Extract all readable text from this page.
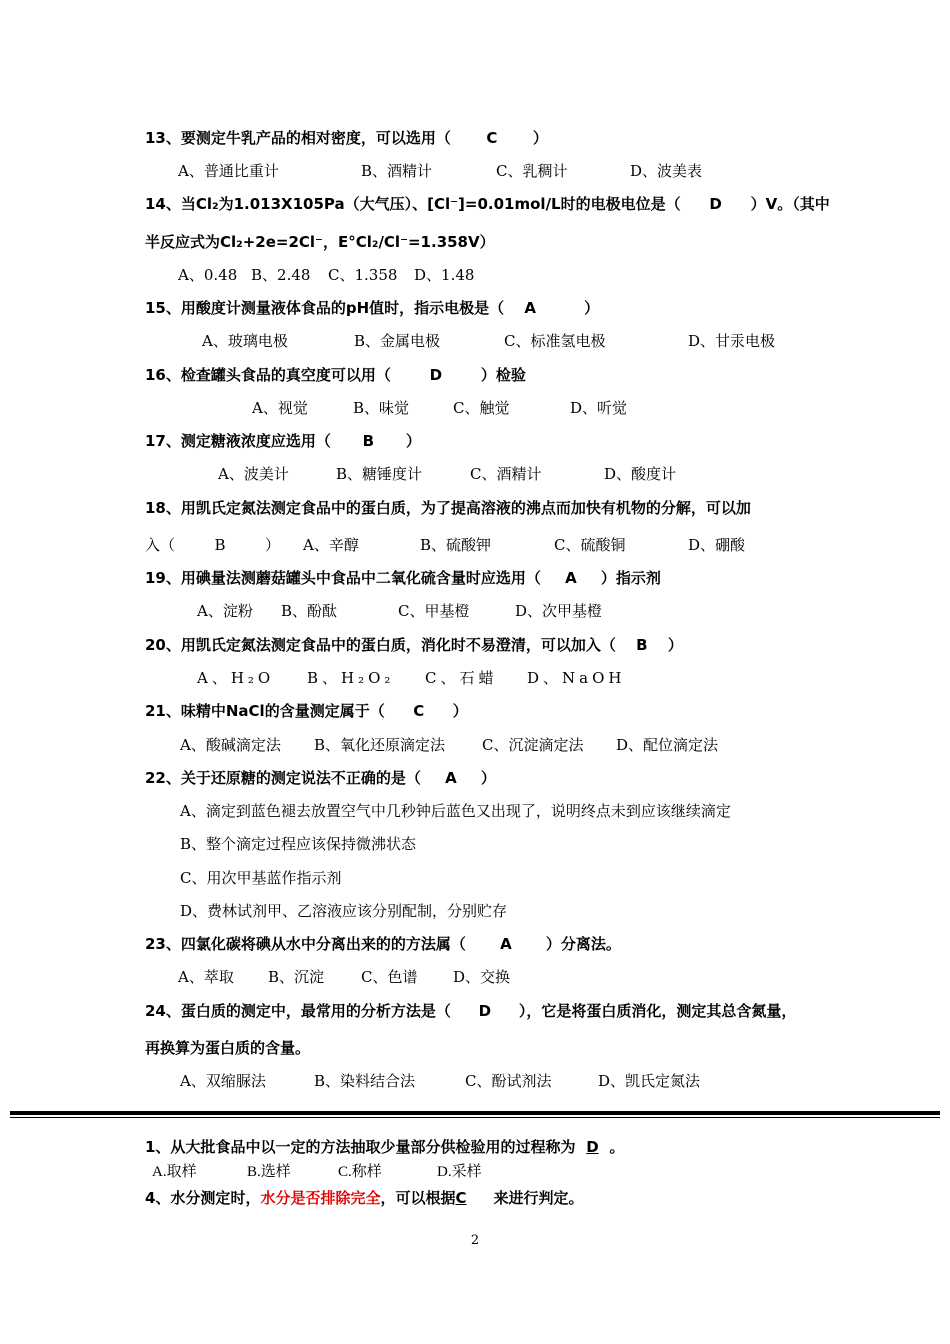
13、要测定牛乳产品的相对密度，可以选用（ C ）
A、普通比重计	B、酒精计	C、乳稠计	D、波美表
14、当Cl₂为1.013X105Pa（大气压）、[Cl⁻]=0.01mol/L时的电极电位是（ D ）V。（其中
半反应式为Cl₂+2e=2Cl⁻，E°Cl₂/Cl⁻=1.358V）
A、0.48 B、2.48 C、1.358 D、1.48
15、用酸度计测量液体食品的pH值时，指示电极是（ A	）
A、玻璃电极	B、金属电极	C、标准氢电极	D、甘汞电极
16、检查罐头食品的真空度可以用（	D	）检验
A、视觉	B、味觉	C、触觉	D、听觉
17、测定糖液浓度应选用（ B ）
A、波美计	B、糖锤度计	C、酒精计	D、酸度计
18、用凯氏定氮法测定食品中的蛋白质，为了提高溶液的沸点而加快有机物的分解，可以加
入（	B	） A、辛醇	B、硫酸钾	C、硫酸铜	D、硼酸
19、用碘量法测蘑菇罐头中食品中二氧化硫含量时应选用（ A ）指示剂
A、淀粉 B、酚酞	C、甲基橙	D、次甲基橙
20、用凯氏定氮法测定食品中的蛋白质，消化时不易澄清，可以加入（ B ）
A、H₂O B、H₂O₂ C、石蜡 D、NaOH
21、味精中NaCl的含量测定属于（ C ）
A、酸碱滴定法 B、氧化还原滴定法 C、沉淀滴定法 D、配位滴定法
22、关于还原糖的测定说法不正确的是（ A ）
A、滴定到蓝色褪去放置空气中几秒钟后蓝色又出现了，说明终点未到应该继续滴定
B、整个滴定过程应该保持微沸状态
C、用次甲基蓝作指示剂
D、费林试剂甲、乙溶液应该分别配制，分别贮存
23、四氯化碳将碘从水中分离出来的的方法属（ A ）分离法。
A、萃取 B、沉淀 C、色谱 D、交换
24、蛋白质的测定中，最常用的分析方法是（ D ），它是将蛋白质消化，测定其总含氮量，
再换算为蛋白质的含量。
A、双缩脲法	B、染料结合法	C、酚试剂法	D、凯氏定氮法
1、从大批食品中以一定的方法抽取少量部分供检验用的过程称为 D 。
A.取样	B.选样	C.称样	D.采样
4、水分测定时，水分是否排除完全，可以根据C 来进行判定。
2
